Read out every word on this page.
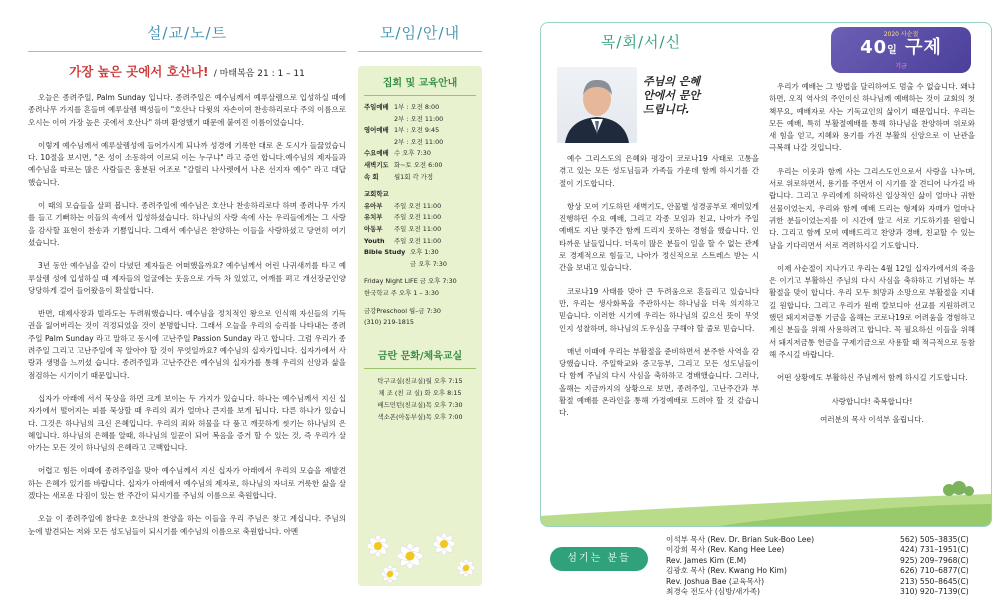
설/교/노/트
가장 높은 곳에서 호산나! / 마태복음 21 : 1 – 11

오늘은 종려주일, Palm Sunday 입니다. 종려주일은 예수님께서 예루살렘으로 입성하실 때에 종려나무 가지를 흔들며 예루살렘 백성들이 "호산나 다윗의 자손이여 찬송하리로다 주의 이름으로 오시는 이여 가장 높은 곳에서 호산나" 하며 환영했기 때문에 붙여진 이름이었습니다.

이렇게 예수님께서 예루살렘성에 들어가시게 되나까 성경에 기록한 대로 온 도시가 들끓었습니다. 10절을 보시면, "온 성이 소동하여 이르되 이는 누구냐" 라고 증언 합니다.예수님의 제자들과 예수님을 따르는 많은 사람들은 흥분된 어조로 "갈릴리 나사렛에서 나온 선지자 예수" 라고 대답했습니다.

이 때의 모습들을 살펴 봅니다. 종려주일에 예수님은 호산나 찬송하리로다 하며 종려나무 가지를 들고 기뻐하는 이들의 속에서 입성하셨습니다. 하나님의 사랑 속에 사는 우리들에게는 그 사랑을 감사할 표현이 찬송과 기쁨입니다. 그래서 예수님은 찬양하는 이들을 사랑하셨고 당연히 여기셨습니다.

3년 동안 예수님을 같이 다녔던 제자들은 어떠했을까요? 예수님께서 어린 나귀새끼를 타고 예루살렘 성에 입성하실 때 제자들의 얼굴에는 웃음으로 가득 차 있었고, 어깨를 펴고 개선장군인양 당당하게 걸어 들어왔음이 확실합니다.

반면, 대제사장과 빌라도는 두려워했습니다. 예수님을 정치적인 왕으로 인식해 자신들의 기득권을 잃어버리는 것이 걱정되었을 것이 분명합니다. 그래서 오늘을 우리의 승리를 나타내는 종려주일 Palm Sunday 라고 말하고 동시에 고난주일 Passion Sunday 라고 합니다. 그럼 우리가 종려주일 그리고 고난주일에 꼭 알아야 할 것이 무엇일까요? 예수님의 십자가입니다. 십자가에서 사랑과 생명을 느끼셨 습니다. 종려주일과 고난주간은 예수님의 십자가를 통해 우리의 신앙과 삶을 점검하는 시기이기 때문입니다.

십자가 아래에 서서 묵상을 하면 크게 보이는 두 가지가 있습니다. 하나는 예수님께서 지신 십자가에서 떨어지는 피를 묵상할 때 우리의 죄가 얼마나 큰지를 보게 됩니다. 다른 하나가 있습니다. 그것은 하나님의 크신 은혜입니다. 우리의 죄와 허물을 다 품고 깨끗하게 씻기는 하나님의 은혜입니다. 하나님의 은혜를 알때, 하나님의 일꾼이 되어 복음을 증거 할 수 있는 것, 즉 우리가 살아가는 모든 것이 하나님의 은혜라고 고백합니다.

어렵고 힘든 이때에 종려주일을 맞아 예수님께서 지신 십자가 아래에서 우리의 모습을 재발견하는 은혜가 있기를 바랍니다. 십자가 아래에서 예수님의 제자로, 하나님의 자녀로 거룩한 삶을 살겠다는 새로운 다짐이 있는 한 주간이 되시기를 주님의 이름으로 축원합니다.

오늘 이 종려주일에 참다운 호산나의 찬양을 하는 이들을 우리 주님은 찾고 계십니다. 주님의 눈에 발견되는 저와 모든 성도님들이 되시기를 예수님의 이름으로 축원합니다. 아멘

모/임/안/내
집회 및 교육안내
주일예배 1부 : 오전 8:00
2부 : 오전 11:00
영어예배 1부 : 오전 9:45
2부 : 오전 11:00
수요예배 수 오후 7:30
새벽기도 화~토 오전 6:00
속 회	월1회 각 가정
교회학교
유아부	주일 오전 11:00
유치부	주일 오전 11:00
아동부	주일 오전 11:00
Youth	주일 오전 11:00
Bible Study 오후 1:30
금 오후 7:30
Friday Night LIFE 금 오후 7:30
한국학교 주 오후 1 – 3:30
금강Preschool 월–금 7:30
(310) 219-1815
금란 문화/체육교실
탁구교실(친교실)월 오후 7:15
체 조 (친 교 실) 화 오후 8:15
배드민턴(친교실)목 오후 7:30
색소폰(아동부실)목 오후 7:00
목/회/서/신	2020 사순절
40일 구제
기금
주님의 은혜
안에서 문안
드립니다.

예수 그리스도의 은혜와 평강이 코로나19 사태로 고통을 겪고 있는 모든 성도님들과 가족들 가운데 함께 하시기를 간절이 기도합니다.

항상 모여 기도하던 새벽기도, 안물별 성경공부로 재미있게 진행하던 수요 예배, 그리고 각종 모임과 친교, 나아가 주일 예배도 지난 몇주간 함께 드리지 못하는 경험을 했습니다. 인타까운 날들입니다. 더욱이 많은 분들이 일을 할 수 없는 관계로 경제적으로 힘들고, 나아가 정신적으로 스트레스 받는 시간을 보내고 있습니다.

코로나19 사태를 맞아 큰 두려움으로 흔들리고 있습니다만, 우리는 생사화복을 주관하시는 하나님을 더욱 의지하고 믿습니다. 이러한 시기에 우리는 하나님의 깊으신 뜻이 무엇인지 성찰하며, 하나님의 도우심을 구해야 할 줄로 믿습니다.

매년 이때에 우리는 부활절을 준비하면서 분주한 사역을 감당했습니다. 주일학교와 중고등부, 그리고 모든 성도님들이 다 함께 주님의 다시 사심을 축하하고 경배했습니다. 그러나, 올해는 지금까지의 상황으로 보면, 종려주일, 고난주간과 부활절 예배를 온라인을 통해 가정예배로 드려야 할 것 같습니다.

우리가 예배는 그 방법을 달리하여도 멈출 수 없습니다. 왜냐하면, 오직 역사의 주인이신 하나님께 예배하는 것이 교회의 첫 책무요, 예배자로 사는 기독교인의 삶이기 때문입니다. 우리는 모든 예배, 특히 부활절예배를 통해 하나님을 찬양하며 위로와 새 힘을 얻고, 지혜와 용기를 가진 부활의 신앙으로 이 난관을 극복해 나갈 것입니다.

우리는 이웃과 함께 사는 그리스도인으로서 사랑을 나누며, 서로 위로하면서, 용기를 주면서 이 시기를 잘 견디어 나가길 바랍니다. 그리고 우리에게 허락하신 일상적인 삶이 얼마나 귀한 선물이었는지, 우리와 함께 예배 드리는 형제와 자매가 얼마나 귀한 분들이었는지를 이 시간에 알고 서로 기도하기를 원합니다. 그리고 함께 모여 예배드리고 찬양과 경배, 친교할 수 있는 날을 기다리면서 서로 격려하시길 기도합니다.

이제 사순절이 지나가고 우리는 4월 12일 십자가에서의 죽음은 이기고 부활하신 주님의 다시 사심을 축하하고 기념하는 부활절을 맞이 합니다. 우리 모두 희망과 소망으로 부활절을 지내길 원합니다. 그리고 우리가 원래 칼보디아 선교를 지원하려고 했던 돼지저금통 기금을 올해는 코로나19로 어려움을 경험하고 계신 분들을 위해 사용하려고 합니다. 꼭 필요하신 이들을 위해서 돼지저금통 헌금을 구제기금으로 사용할 때 적극적으로 동참해 주시길 바랍니다.

어떤 상황에도 부활하신 주님께서 함께 하시길 기도합니다.

사랑합니다! 축복합니다!
여러분의 목사 이석부 올립니다.
섬기는 분들
이석부 목사 (Rev. Dr. Brian Suk-Boo Lee)	562) 505–3835(C)
이강희 목사 (Rev. Kang Hee Lee)	424) 731–1951(C)
Rev. James Kim (E.M)	925) 209–7968(C)
김광호 목사 (Rev. Kwang Ho Kim)	626) 710–6877(C)
Rev. Joshua Bae (교육목사)	213) 550–8645(C)
최경숙 전도사 (심방/새가족)	310) 920–7139(C)
